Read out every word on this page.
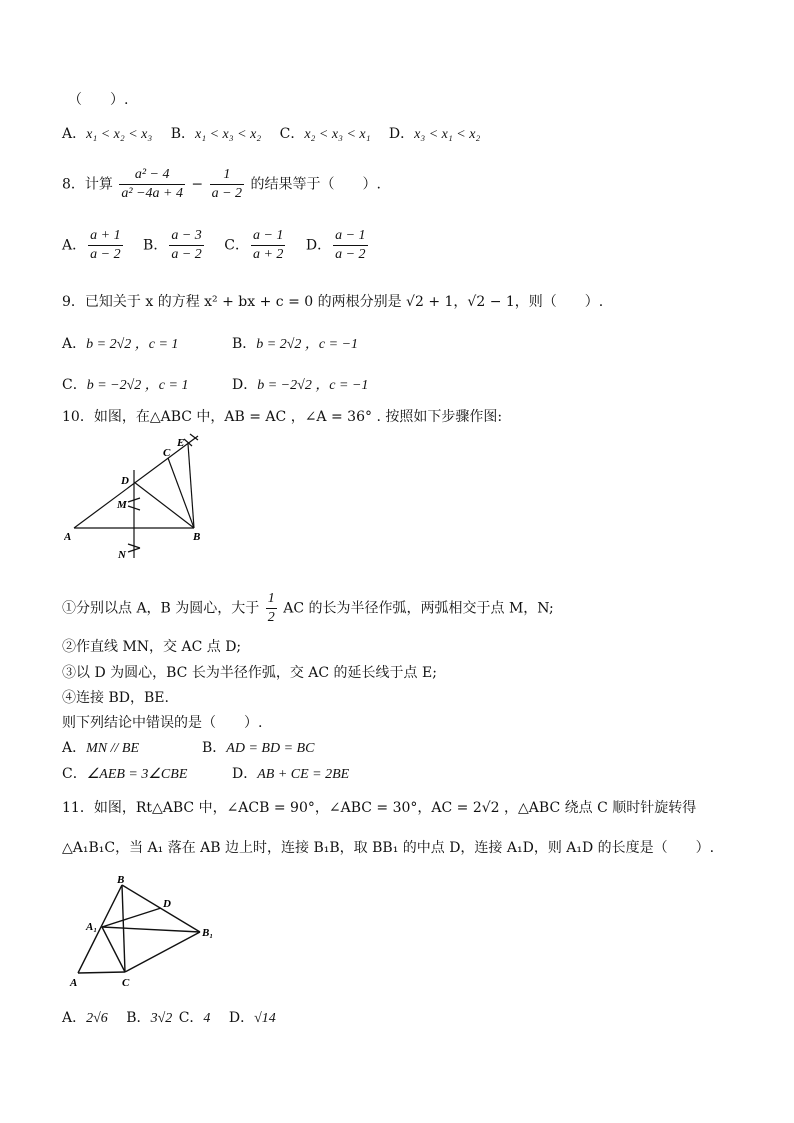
（　　）.
A．x₁ < x₂ < x₃ B．x₁ < x₃ < x₂ C．x₂ < x₃ < x₁ D．x₃ < x₁ < x₂
8．计算 $\frac{\text{a² − 4}}{\text{a² −4a + 4}} - \frac{1}{a - 2}$ 的结果等于（　　）.
A． $\frac{a + 1}{a - 2}$ B． $\frac{a - 3}{a - 2}$ C． $\frac{a - 1}{a + 2}$ D． $\frac{a - 1}{a - 2}$
9．已知关于 x 的方程 x² + bx + c = 0 的两根分别是 √2 + 1，√2 − 1，则（　　）.
A．b = 2√2 ，c = 1	B．b = 2√2 ，c = −1
C．b = −2√2 ，c = 1	D．b = −2√2 ，c = −1
10．如图，在△ABC 中，AB = AC ，∠A = 36° . 按照如下步骤作图:
A	B
C
D
E
M
N
①分别以点 A，B 为圆心，大于 $\frac{1}{2}$ AC 的长为半径作弧，两弧相交于点 M，N;
②作直线 MN，交 AC 点 D;
③以 D 为圆心，BC 长为半径作弧，交 AC 的延长线于点 E;
④连接 BD，BE.
则下列结论中错误的是（　　）.
A．MN // BE	B．AD = BD = BC
C．∠AEB = 3∠CBE	D．AB + CE = 2BE
11．如图，Rt△ABC 中，∠ACB = 90°，∠ABC = 30°，AC = 2√2 ，△ABC 绕点 C 顺时针旋转得
△A₁B₁C，当 A₁ 落在 AB 边上时，连接 B₁B，取 BB₁ 的中点 D，连接 A₁D，则 A₁D 的长度是（　　）.
B
D
A₁	B₁
A	C
A．2√6 B．3√2 C．4 D．√14
